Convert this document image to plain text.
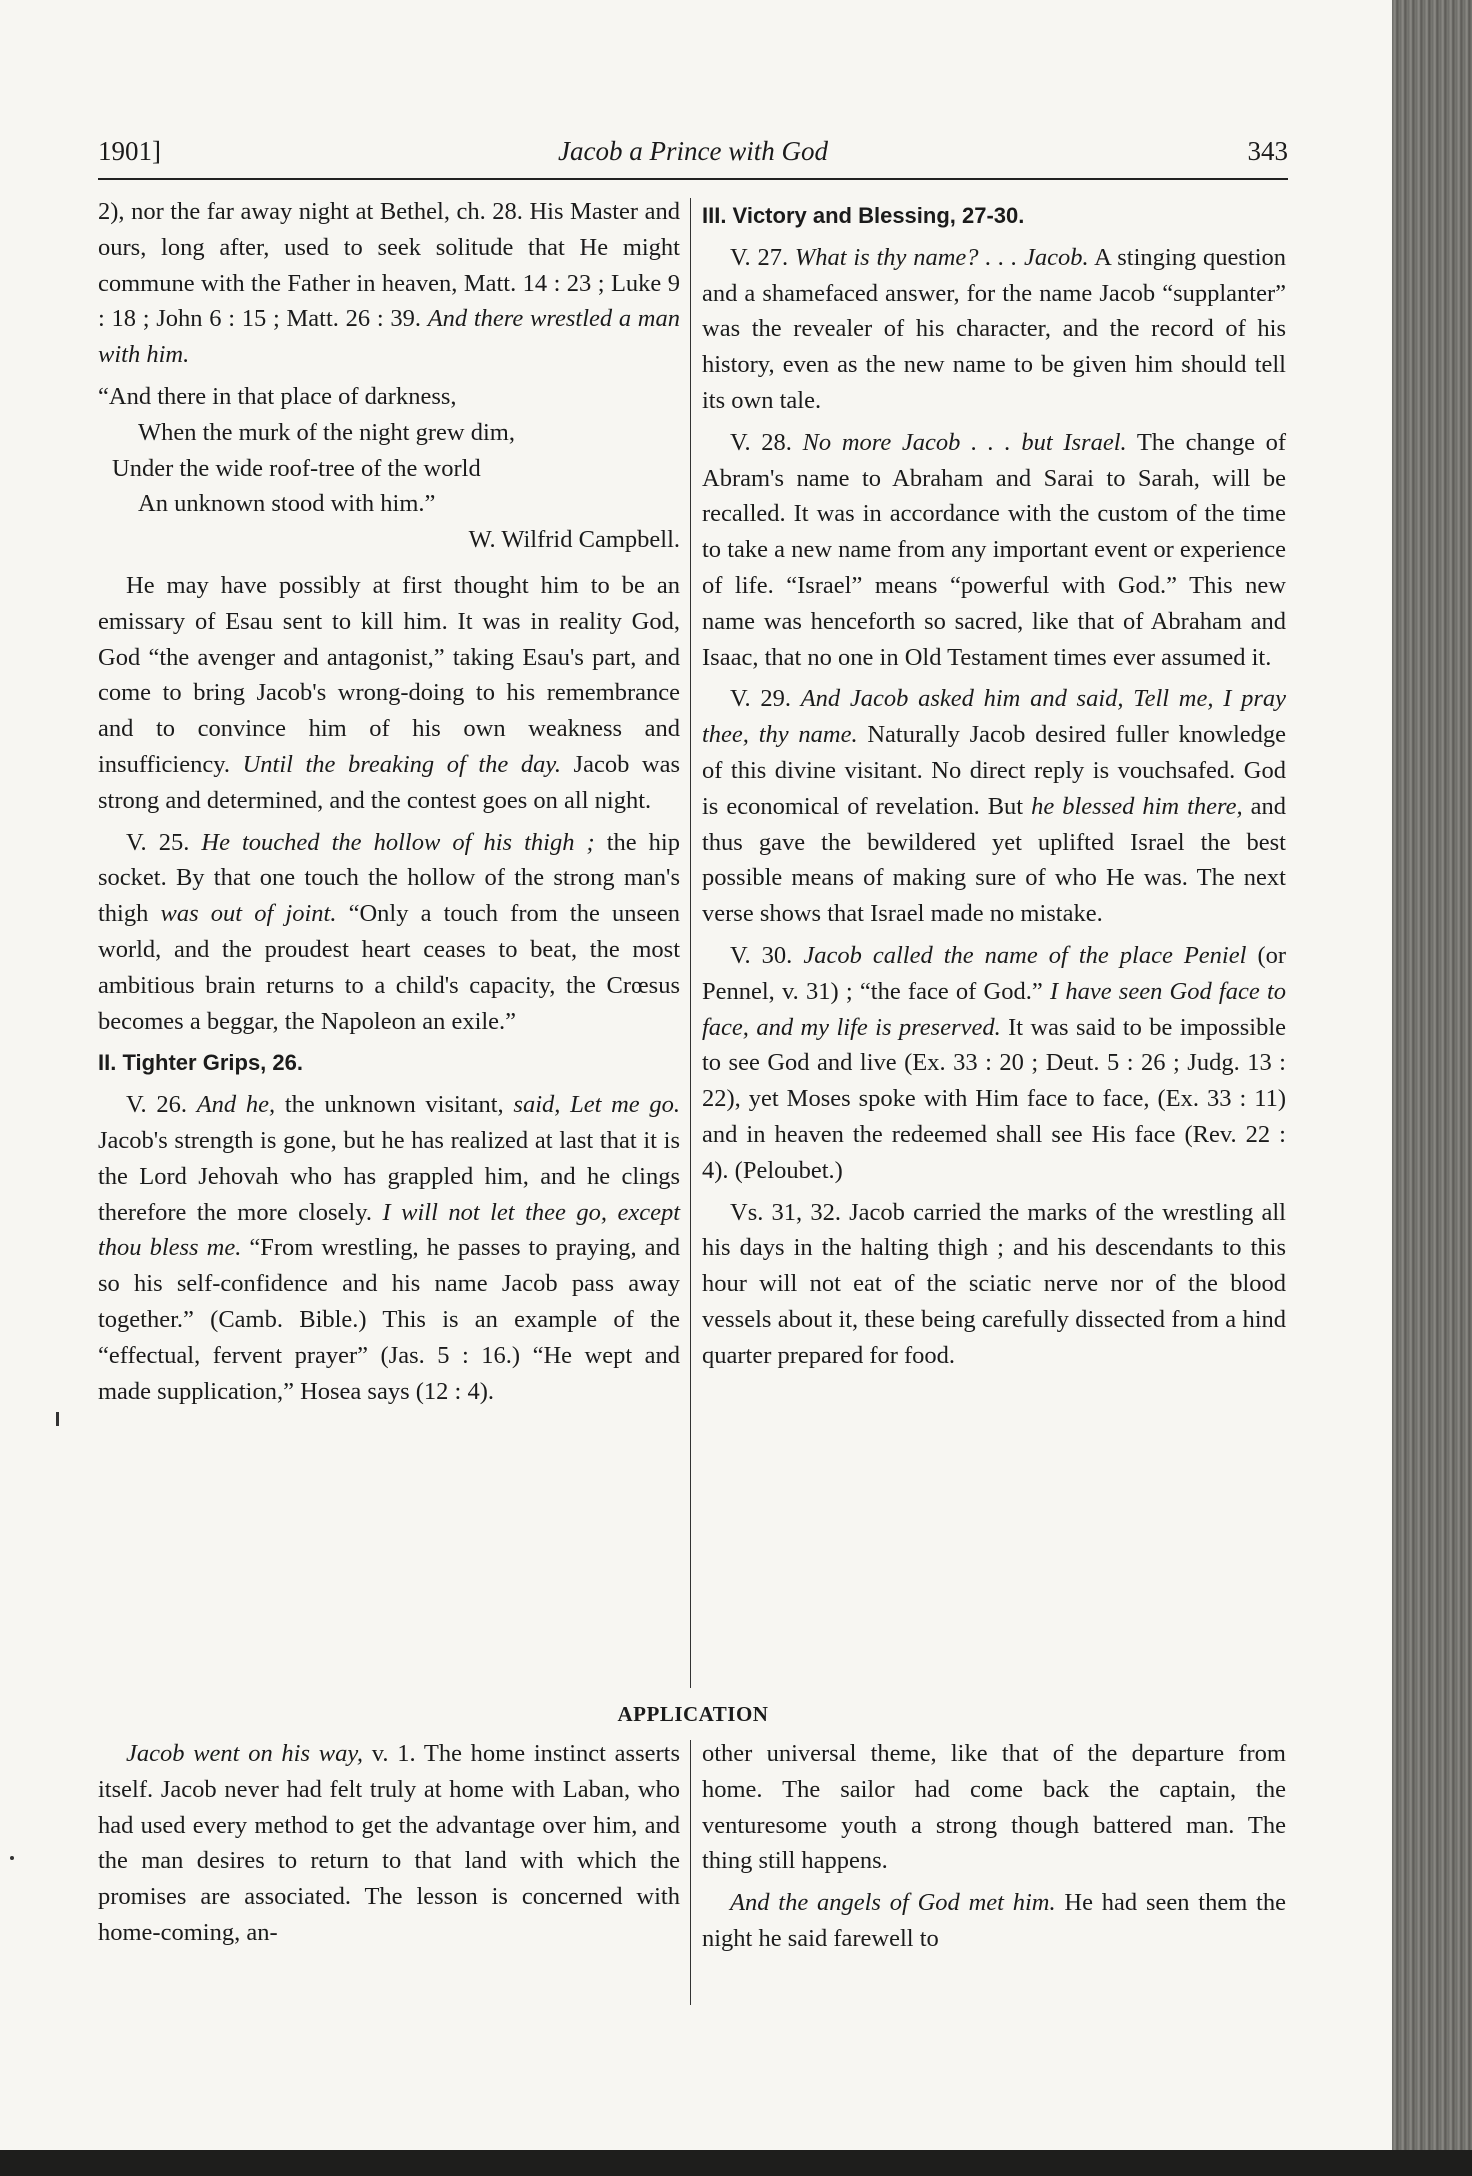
1901]	Jacob a Prince with God	343

2), nor the far away night at Bethel, ch. 28. His Master and ours, long after, used to seek solitude that He might commune with the Father in heaven, Matt. 14 : 23 ; Luke 9 : 18 ; John 6 : 15 ; Matt. 26 : 39. And there wrestled a man with him.

“And there in that place of darkness,
When the murk of the night grew dim,
Under the wide roof-tree of the world
An unknown stood with him.”
W. Wilfrid Campbell.

He may have possibly at first thought him to be an emissary of Esau sent to kill him. It was in reality God, God “the avenger and antagonist,” taking Esau's part, and come to bring Jacob's wrong-doing to his remembrance and to convince him of his own weakness and insufficiency. Until the breaking of the day. Jacob was strong and determined, and the contest goes on all night.

V. 25. He touched the hollow of his thigh ; the hip socket. By that one touch the hollow of the strong man's thigh was out of joint. “Only a touch from the unseen world, and the proudest heart ceases to beat, the most ambitious brain returns to a child's capacity, the Crœsus becomes a beggar, the Napoleon an exile.”

II. Tighter Grips, 26.

V. 26. And he, the unknown visitant, said, Let me go. Jacob's strength is gone, but he has realized at last that it is the Lord Jehovah who has grappled him, and he clings therefore the more closely. I will not let thee go, except thou bless me. “From wrestling, he passes to praying, and so his self-confidence and his name Jacob pass away together.” (Camb. Bible.) This is an example of the “effectual, fervent prayer” (Jas. 5 : 16.) “He wept and made supplication,” Hosea says (12 : 4).

III. Victory and Blessing, 27-30.

V. 27. What is thy name? . . . Jacob. A stinging question and a shamefaced answer, for the name Jacob “supplanter” was the revealer of his character, and the record of his history, even as the new name to be given him should tell its own tale.

V. 28. No more Jacob . . . but Israel. The change of Abram's name to Abraham and Sarai to Sarah, will be recalled. It was in accordance with the custom of the time to take a new name from any important event or experience of life. “Israel” means “powerful with God.” This new name was henceforth so sacred, like that of Abraham and Isaac, that no one in Old Testament times ever assumed it.

V. 29. And Jacob asked him and said, Tell me, I pray thee, thy name. Naturally Jacob desired fuller knowledge of this divine visitant. No direct reply is vouchsafed. God is economical of revelation. But he blessed him there, and thus gave the bewildered yet uplifted Israel the best possible means of making sure of who He was. The next verse shows that Israel made no mistake.

V. 30. Jacob called the name of the place Peniel (or Pennel, v. 31) ; “the face of God.” I have seen God face to face, and my life is preserved. It was said to be impossible to see God and live (Ex. 33 : 20 ; Deut. 5 : 26 ; Judg. 13 : 22), yet Moses spoke with Him face to face, (Ex. 33 : 11) and in heaven the redeemed shall see His face (Rev. 22 : 4). (Peloubet.)

Vs. 31, 32. Jacob carried the marks of the wrestling all his days in the halting thigh ; and his descendants to this hour will not eat of the sciatic nerve nor of the blood vessels about it, these being carefully dissected from a hind quarter prepared for food.

APPLICATION

Jacob went on his way, v. 1. The home instinct asserts itself. Jacob never had felt truly at home with Laban, who had used every method to get the advantage over him, and the man desires to return to that land with which the promises are associated. The lesson is concerned with home-coming, an-

other universal theme, like that of the departure from home. The sailor had come back the captain, the venturesome youth a strong though battered man. The thing still happens.

And the angels of God met him. He had seen them the night he said farewell to
